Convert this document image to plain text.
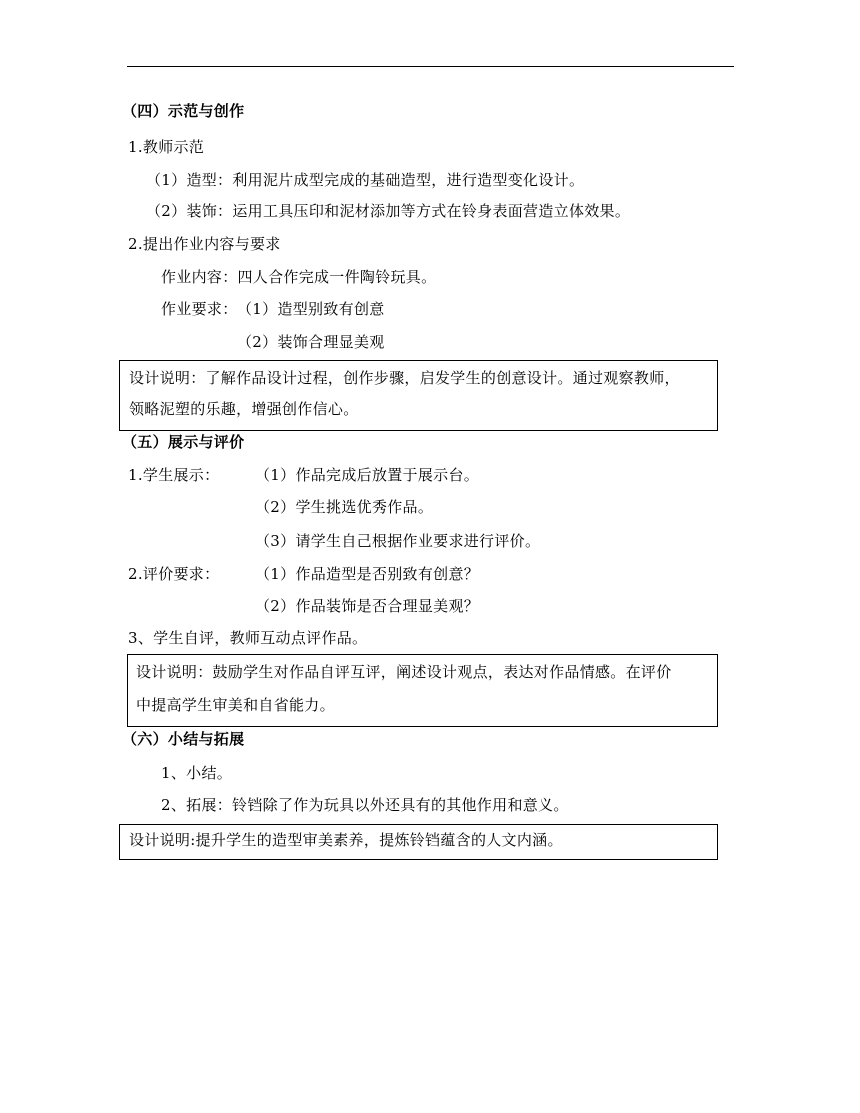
（四）示范与创作
1.教师示范
（1）造型：利用泥片成型完成的基础造型，进行造型变化设计。
（2）装饰：运用工具压印和泥材添加等方式在铃身表面营造立体效果。
2.提出作业内容与要求
作业内容：四人合作完成一件陶铃玩具。
作业要求： （1）造型别致有创意
（2）装饰合理显美观
设计说明：了解作品设计过程，创作步骤，启发学生的创意设计。通过观察教师，
领略泥塑的乐趣，增强创作信心。
（五）展示与评价
1.学生展示： （1）作品完成后放置于展示台。
（2）学生挑选优秀作品。
（3）请学生自己根据作业要求进行评价。
2.评价要求： （1）作品造型是否别致有创意？
（2）作品装饰是否合理显美观？
3、学生自评，教师互动点评作品。
设计说明：鼓励学生对作品自评互评，阐述设计观点，表达对作品情感。在评价
中提高学生审美和自省能力。
（六）小结与拓展
1、小结。
2、拓展：铃铛除了作为玩具以外还具有的其他作用和意义。
设计说明:提升学生的造型审美素养，提炼铃铛蕴含的人文内涵。
